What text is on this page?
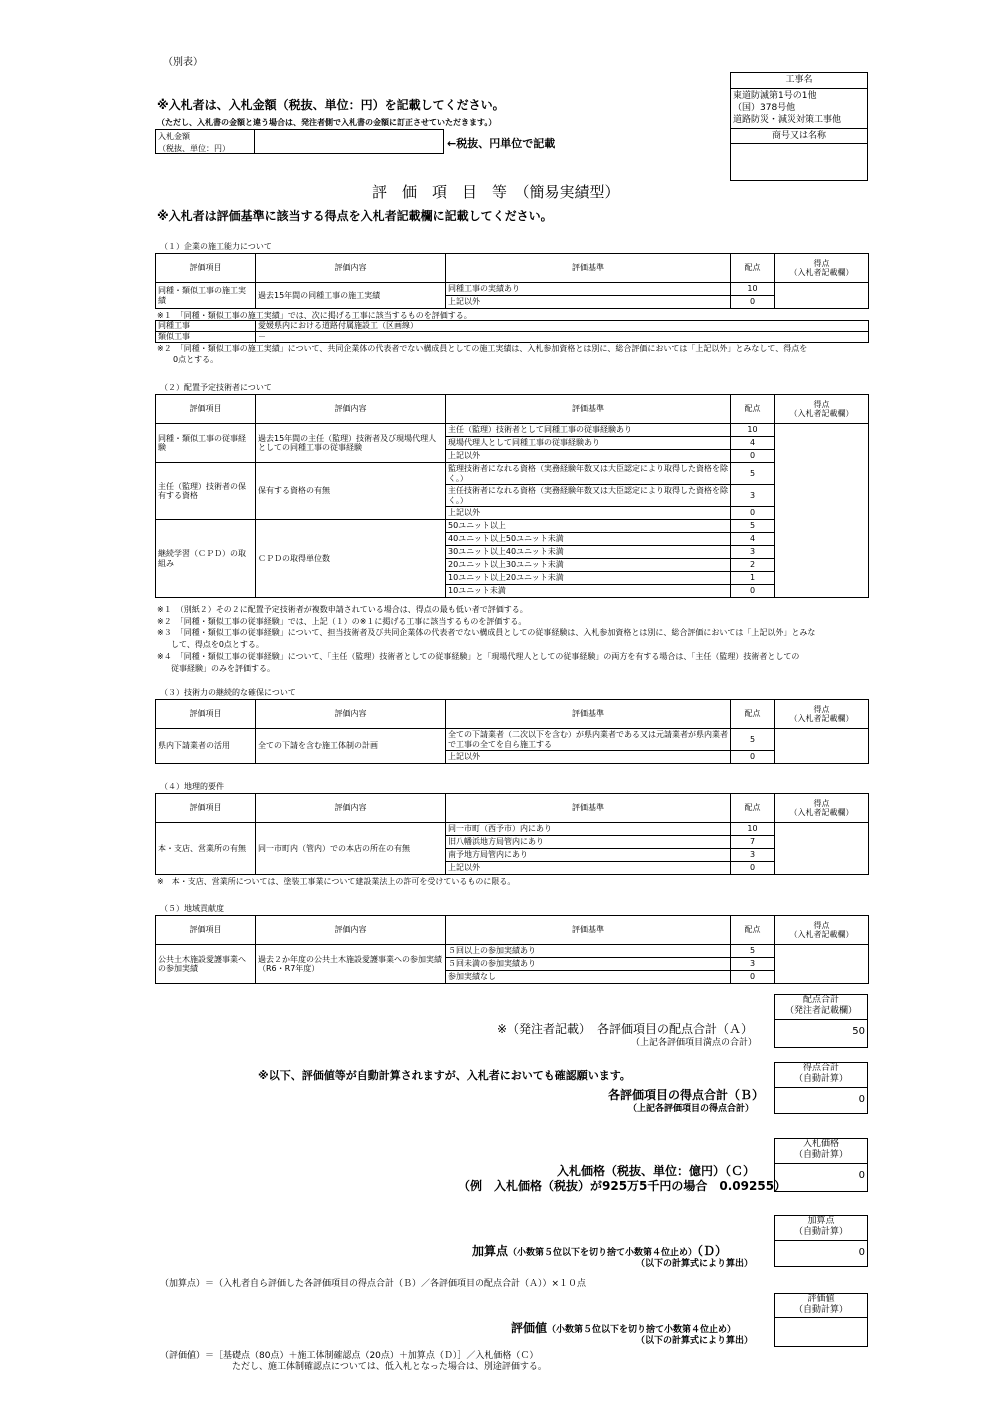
（別表）
※入札者は、入札金額（税抜、単位：円）を記載してください。
（ただし、入札書の金額と違う場合は、発注者側で入札書の金額に訂正させていただきます。）
入札金額
（税抜、単位：円）	←税抜、円単位で記載
工事名
東道防滅第1号の1他
（国）378号他
道路防災・減災対策工事他
商号又は名称
評　価　項　目　等　（簡易実績型）
※入札者は評価基準に該当する得点を入札者記載欄に記載してください。
（１）企業の施工能力について
評価項目	評価内容	評価基準	配点	得点
（入札者記載欄）
同種・類似工事の施工実績	過去15年間の同種工事の施工実績	同種工事の実績あり	10	
		上記以外	0	
※１　「同種・類似工事の施工実績」では、次に掲げる工事に該当するものを評価する。
同種工事	愛媛県内における道路付属施設工（区画線）
類似工事	－
※２　「同種・類似工事の施工実績」について、共同企業体の代表者でない構成員としての施工実績は、入札参加資格とは別に、総合評価においては「上記以外」とみなして、得点を
0点とする。
（２）配置予定技術者について
評価項目	評価内容	評価基準	配点	得点
（入札者記載欄）
同種・類似工事の従事経験	過去15年間の主任（監理）技術者及び現場代理人としての同種工事の従事経験	主任（監理）技術者として同種工事の従事経験あり	10	
		現場代理人として同種工事の従事経験あり	4	
		上記以外	0	
主任（監理）技術者の保有する資格	保有する資格の有無	監理技術者になれる資格（実務経験年数又は大臣認定により取得した資格を除く。）	5	
		主任技術者になれる資格（実務経験年数又は大臣認定により取得した資格を除く。）	3	
		上記以外	0	
継続学習（ＣＰＤ）の取組み	ＣＰＤの取得単位数	50ユニット以上	5	
		40ユニット以上50ユニット未満	4	
		30ユニット以上40ユニット未満	3	
		20ユニット以上30ユニット未満	2	
		10ユニット以上20ユニット未満	1	
		10ユニット未満	0	
※１　（別紙２）その２に配置予定技術者が複数申請されている場合は、得点の最も低い者で評価する。
※２　「同種・類似工事の従事経験」では、上記（１）の※１に掲げる工事に該当するものを評価する。
※３　「同種・類似工事の従事経験」について、担当技術者及び共同企業体の代表者でない構成員としての従事経験は、入札参加資格とは別に、総合評価においては「上記以外」とみな
　して、得点を0点とする。
※４　「同種・類似工事の従事経験」について、「主任（監理）技術者としての従事経験」と「現場代理人としての従事経験」の両方を有する場合は、「主任（監理）技術者としての
　従事経験」のみを評価する。
（３）技術力の継続的な確保について
評価項目	評価内容	評価基準	配点	得点
（入札者記載欄）
県内下請業者の活用	全ての下請を含む施工体制の計画	全ての下請業者（二次以下を含む）が県内業者である又は元請業者が県内業者で工事の全てを自ら施工する	5	
		上記以外	0	
（４）地理的要件
評価項目	評価内容	評価基準	配点	得点
（入札者記載欄）
本・支店、営業所の有無	同一市町内（管内）での本店の所在の有無	同一市町（西予市）内にあり	10	
		旧八幡浜地方局管内にあり	7	
		南予地方局管内にあり	3	
		上記以外	0	
※　本・支店、営業所については、塗装工事業について建設業法上の許可を受けているものに限る。
（５）地域貢献度
評価項目	評価内容	評価基準	配点	得点
（入札者記載欄）
公共土木施設愛護事業への参加実績	過去２か年度の公共土木施設愛護事業への参加実績
（R6・R7年度）	５回以上の参加実績あり	5	
		５回未満の参加実績あり	3	
		参加実績なし	0	
配点合計
（発注者記載欄）
50
※（発注者記載）　各評価項目の配点合計（Ａ）
（上記各評価項目満点の合計）
※以下、評価値等が自動計算されますが、入札者においても確認願います。
得点合計
（自動計算）
0
各評価項目の得点合計（Ｂ）
（上記各評価項目の得点合計）
入札価格
（自動計算）
0
入札価格（税抜、単位：億円）（Ｃ）
（例　入札価格（税抜）が925万5千円の場合　0.09255）
加算点
（自動計算）
0
加算点（小数第５位以下を切り捨て小数第４位止め）（Ｄ）
（以下の計算式により算出）
（加算点）＝（入札者自ら評価した各評価項目の得点合計（Ｂ）／各評価項目の配点合計（Ａ））×１０点
評価値
（自動計算）
評価値（小数第５位以下を切り捨て小数第４位止め）
（以下の計算式により算出）
（評価値）＝［基礎点（80点）＋施工体制確認点（20点）＋加算点（Ｄ）］／入札価格（Ｃ）
ただし、施工体制確認点については、低入札となった場合は、別途評価する。
